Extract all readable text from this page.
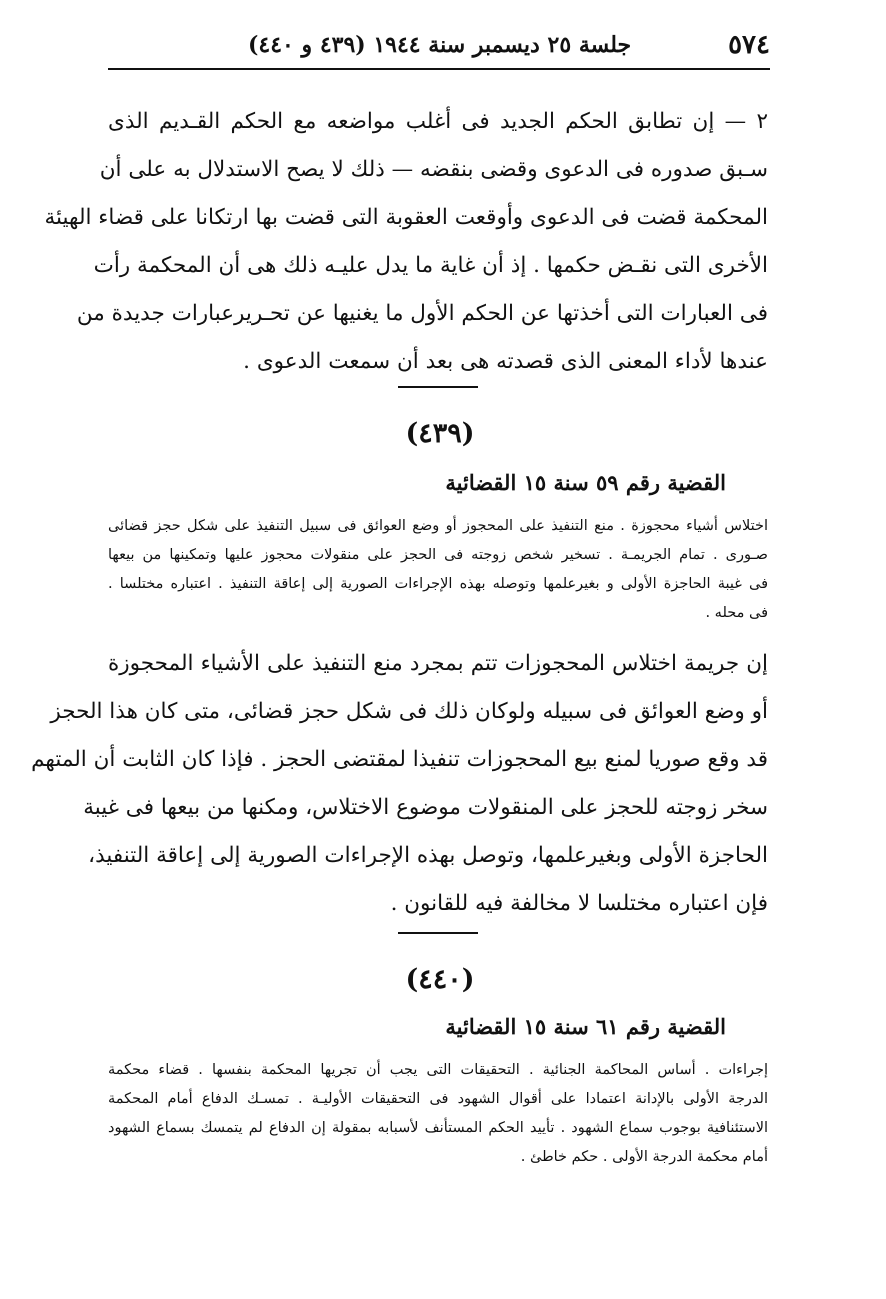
٥٧٤
جلسة ٢٥ ديسمبر سنة ١٩٤٤ (٤٣٩ و ٤٤٠)
٢ — إن تطابق الحكم الجديد فى أغلب مواضعه مع الحكم القـديم الذى
سـبق صدوره فى الدعوى وقضى بنقضه — ذلك لا يصح الاستدلال به على أن
المحكمة قضت فى الدعوى وأوقعت العقوبة التى قضت بها ارتكانا على قضاء الهيئة
الأخرى التى نقـض حكمها . إذ أن غاية ما يدل عليـه ذلك هى أن المحكمة رأت
فى العبارات التى أخذتها عن الحكم الأول ما يغنيها عن تحـريرعبارات جديدة من
عندها لأداء المعنى الذى قصدته هى بعد أن سمعت الدعوى .
(٤٣٩)
القضية رقم ٥٩ سنة ١٥ القضائية
اختلاس أشياء محجوزة . منع التنفيذ على المحجوز أو وضع العوائق فى سبيل التنفيذ على شكل حجز قضائى
صـورى . تمام الجريمـة . تسخير شخص زوجته فى الحجز على منقولات محجوز عليها وتمكينها من بيعها
فى غيبة الحاجزة الأولى و بغيرعلمها وتوصله بهذه الإجراءات الصورية إلى إعاقة التنفيذ . اعتباره مختلسا .
فى محله .
إن جريمة اختلاس المحجوزات تتم بمجرد منع التنفيذ على الأشياء المحجوزة
أو وضع العوائق فى سبيله ولوكان ذلك فى شكل حجز قضائى، متى كان هذا الحجز
قد وقع صوريا لمنع بيع المحجوزات تنفيذا لمقتضى الحجز . فإذا كان الثابت أن المتهم
سخر زوجته للحجز على المنقولات موضوع الاختلاس، ومكنها من بيعها فى غيبة
الحاجزة الأولى وبغيرعلمها، وتوصل بهذه الإجراءات الصورية إلى إعاقة التنفيذ،
فإن اعتباره مختلسا لا مخالفة فيه للقانون .
(٤٤٠)
القضية رقم ٦١ سنة ١٥ القضائية
إجراءات . أساس المحاكمة الجنائية . التحقيقات التى يجب أن تجريها المحكمة بنفسها . قضاء محكمة
الدرجة الأولى بالإدانة اعتمادا على أقوال الشهود فى التحقيقات الأوليـة . تمسـك الدفاع أمام المحكمة
الاستئنافية بوجوب سماع الشهود . تأييد الحكم المستأنف لأسبابه بمقولة إن الدفاع لم يتمسك بسماع الشهود
أمام محكمة الدرجة الأولى . حكم خاطئ .
